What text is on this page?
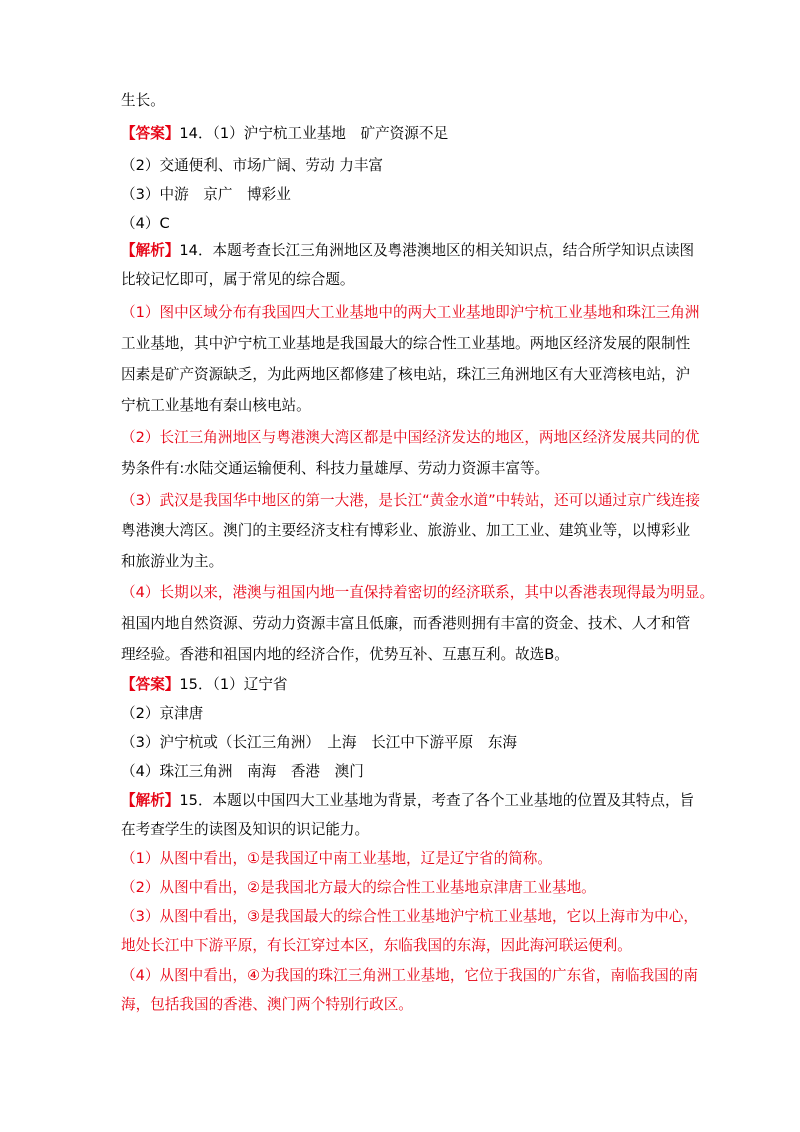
生长。
【答案】14．（1）沪宁杭工业基地　矿产资源不足
（2）交通便利、市场广阔、劳动 力丰富
（3）中游　京广　博彩业
（4）C
【解析】14．本题考查长江三角洲地区及粤港澳地区的相关知识点，结合所学知识点读图
比较记忆即可，属于常见的综合题。
（1）图中区域分布有我国四大工业基地中的两大工业基地即沪宁杭工业基地和珠江三角洲
工业基地，其中沪宁杭工业基地是我国最大的综合性工业基地。两地区经济发展的限制性
因素是矿产资源缺乏，为此两地区都修建了核电站，珠江三角洲地区有大亚湾核电站，沪
宁杭工业基地有秦山核电站。
（2）长江三角洲地区与粤港澳大湾区都是中国经济发达的地区，两地区经济发展共同的优
势条件有:水陆交通运输便利、科技力量雄厚、劳动力资源丰富等。
（3）武汉是我国华中地区的第一大港，是长江“黄金水道”中转站，还可以通过京广线连接
粤港澳大湾区。澳门的主要经济支柱有博彩业、旅游业、加工工业、建筑业等，以博彩业
和旅游业为主。
（4）长期以来，港澳与祖国内地一直保持着密切的经济联系，其中以香港表现得最为明显。
祖国内地自然资源、劳动力资源丰富且低廉，而香港则拥有丰富的资金、技术、人才和管
理经验。香港和祖国内地的经济合作，优势互补、互惠互利。故选B。
【答案】15．（1）辽宁省
（2）京津唐
（3）沪宁杭或（长江三角洲）　上海　长江中下游平原　东海
（4）珠江三角洲　南海　香港　澳门
【解析】15．本题以中国四大工业基地为背景，考查了各个工业基地的位置及其特点，旨
在考查学生的读图及知识的识记能力。
（1）从图中看出，①是我国辽中南工业基地，辽是辽宁省的简称。
（2）从图中看出，②是我国北方最大的综合性工业基地京津唐工业基地。
（3）从图中看出，③是我国最大的综合性工业基地沪宁杭工业基地，它以上海市为中心，
地处长江中下游平原，有长江穿过本区，东临我国的东海，因此海河联运便利。
（4）从图中看出，④为我国的珠江三角洲工业基地，它位于我国的广东省，南临我国的南
海，包括我国的香港、澳门两个特别行政区。
